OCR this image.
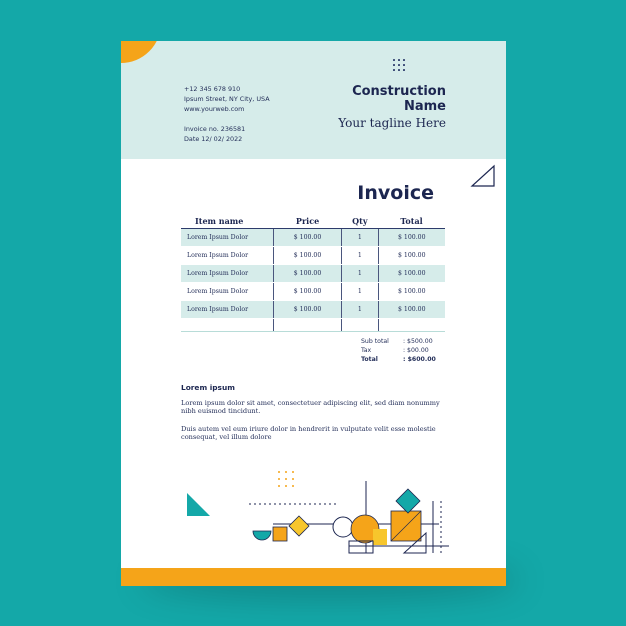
+12 345 678 910
Ipsum Street, NY City, USA
www.yourweb.com
Invoice no. 236581
Date 12/ 02/ 2022
Construction
Name
Your tagline Here
Invoice
Item name	Price	Qty	Total
Lorem Ipsum Dolor	$ 100.00	1	$ 100.00
Lorem Ipsum Dolor	$ 100.00	1	$ 100.00
Lorem Ipsum Dolor	$ 100.00	1	$ 100.00
Lorem Ipsum Dolor	$ 100.00	1	$ 100.00
Lorem Ipsum Dolor	$ 100.00	1	$ 100.00

Sub total	: $500.00
Tax	: $00.00
Total	: $600.00
Lorem ipsum

Lorem ipsum dolor sit amet, consectetuer adipiscing elit, sed diam nonummy nibh euismod tincidunt.

Duis autem vel eum iriure dolor in hendrerit in vulputate velit esse molestie consequat, vel illum dolore
